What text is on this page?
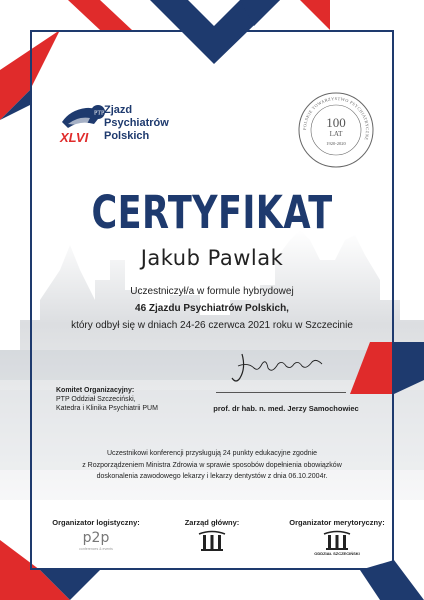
PTP
XLVI
Zjazd
Psychiatrów
Polskich
POLSKIE TOWARZYSTWO PSYCHIATRYCZNE
100
LAT
1920-2020
CERTYFIKAT
Jakub Pawlak
Uczestniczył/a w formule hybrydowej
46 Zjazdu Psychiatrów Polskich,
który odbył się w dniach 24-26 czerwca 2021 roku w Szczecinie
Jerzy Samochowiec
prof. dr hab. n. med. Jerzy Samochowiec
Komitet Organizacyjny:
PTP Oddział Szczeciński,
Katedra i Klinika Psychiatrii PUM
Uczestnikowi konferencji przysługują 24 punkty edukacyjne zgodnie
z Rozporządzeniem Ministra Zdrowia w sprawie sposobów dopełnienia obowiązków
doskonalenia zawodowego lekarzy i lekarzy dentystów z dnia 06.10.2004r.
Organizator logistyczny:
p2p
conferences & events
Zarząd główny:	Organizator merytoryczny:
ODDZIAŁ SZCZECIŃSKI
